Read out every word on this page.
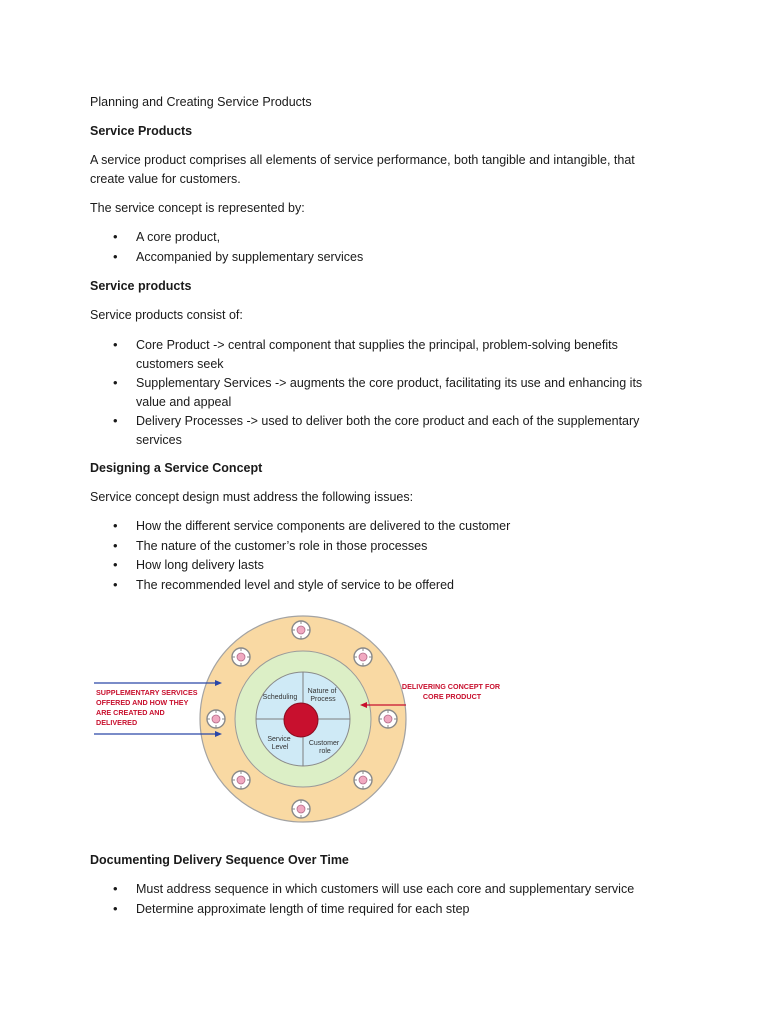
Planning and Creating Service Products
Service Products
A service product comprises all elements of service performance, both tangible and intangible, that
create value for customers.
The service concept is represented by:
• A core product,
• Accompanied by supplementary services
Service products
Service products consist of:
• Core Product -> central component that supplies the principal, problem-solving benefits
customers seek
• Supplementary Services -> augments the core product, facilitating its use and enhancing its
value and appeal
• Delivery Processes -> used to deliver both the core product and each of the supplementary
services
Designing a Service Concept
Service concept design must address the following issues:
• How the different service components are delivered to the customer
• The nature of the customer’s role in those processes
• How long delivery lasts
• The recommended level and style of service to be offered
Scheduling
Nature of Process
Service Level
Customer role
SUPPLEMENTARY SERVICES OFFERED AND HOW THEY ARE CREATED AND DELIVERED
DELIVERING CONCEPT FOR CORE PRODUCT
Documenting Delivery Sequence Over Time
• Must address sequence in which customers will use each core and supplementary service
• Determine approximate length of time required for each step
